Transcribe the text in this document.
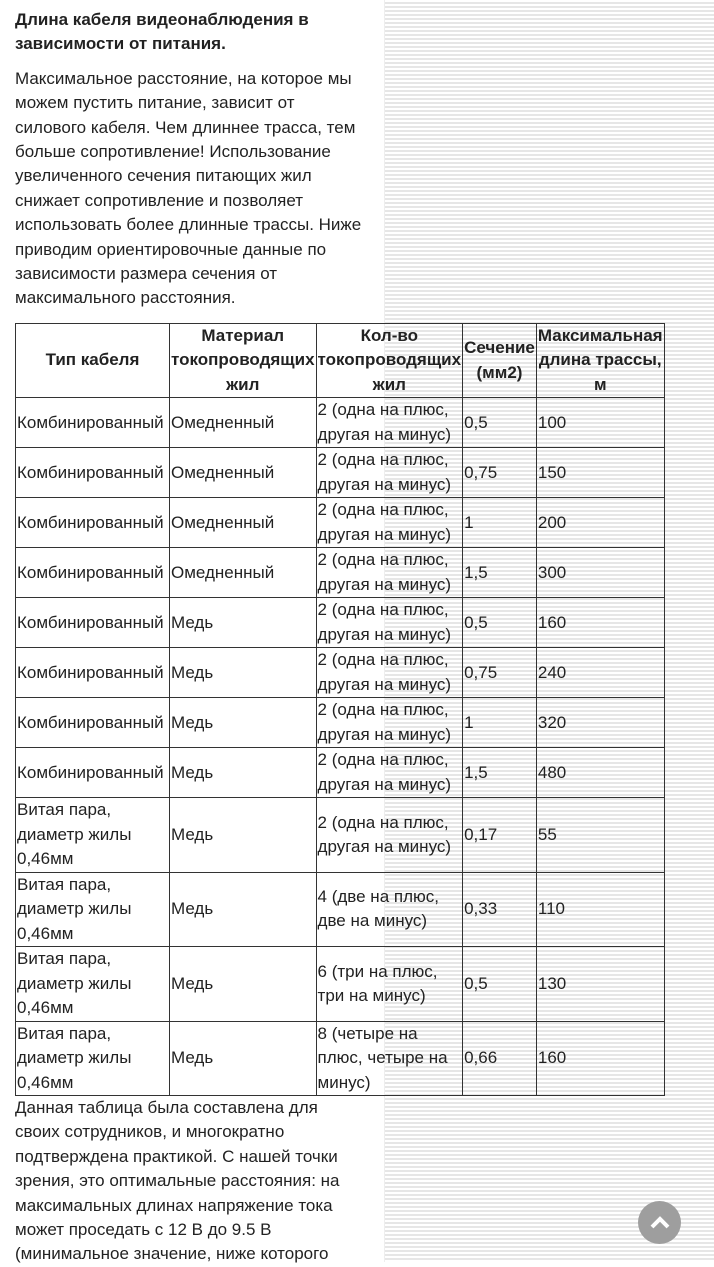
Длина кабеля видеонаблюдения в зависимости от питания.

Максимальное расстояние, на которое мы можем пустить питание, зависит от силового кабеля. Чем длиннее трасса, тем больше сопротивление! Использование увеличенного сечения питающих жил снижает сопротивление и позволяет использовать более длинные трассы. Ниже приводим ориентировочные данные по зависимости размера сечения от максимального расстояния.

Тип кабеля	Материал токопроводящих жил	Кол-во токопроводящих жил	Сечение (мм2)	Максимальная длина трассы, м
Комбинированный	Омедненный	2 (одна на плюс, другая на минус)	0,5	100
Комбинированный	Омедненный	2 (одна на плюс, другая на минус)	0,75	150
Комбинированный	Омедненный	2 (одна на плюс, другая на минус)	1	200
Комбинированный	Омедненный	2 (одна на плюс, другая на минус)	1,5	300
Комбинированный	Медь	2 (одна на плюс, другая на минус)	0,5	160
Комбинированный	Медь	2 (одна на плюс, другая на минус)	0,75	240
Комбинированный	Медь	2 (одна на плюс, другая на минус)	1	320
Комбинированный	Медь	2 (одна на плюс, другая на минус)	1,5	480
Витая пара, диаметр жилы 0,46мм	Медь	2 (одна на плюс, другая на минус)	0,17	55
Витая пара, диаметр жилы 0,46мм	Медь	4 (две на плюс, две на минус)	0,33	110
Витая пара, диаметр жилы 0,46мм	Медь	6 (три на плюс, три на минус)	0,5	130
Витая пара, диаметр жилы 0,46мм	Медь	8 (четыре на плюс, четыре на минус)	0,66	160
Данная таблица была составлена для своих сотрудников, и многократно подтверждена практикой. С нашей точки зрения, это оптимальные расстояния: на максимальных длинах напряжение тока может проседать с 12 В до 9.5 В (минимальное значение, ниже которого
